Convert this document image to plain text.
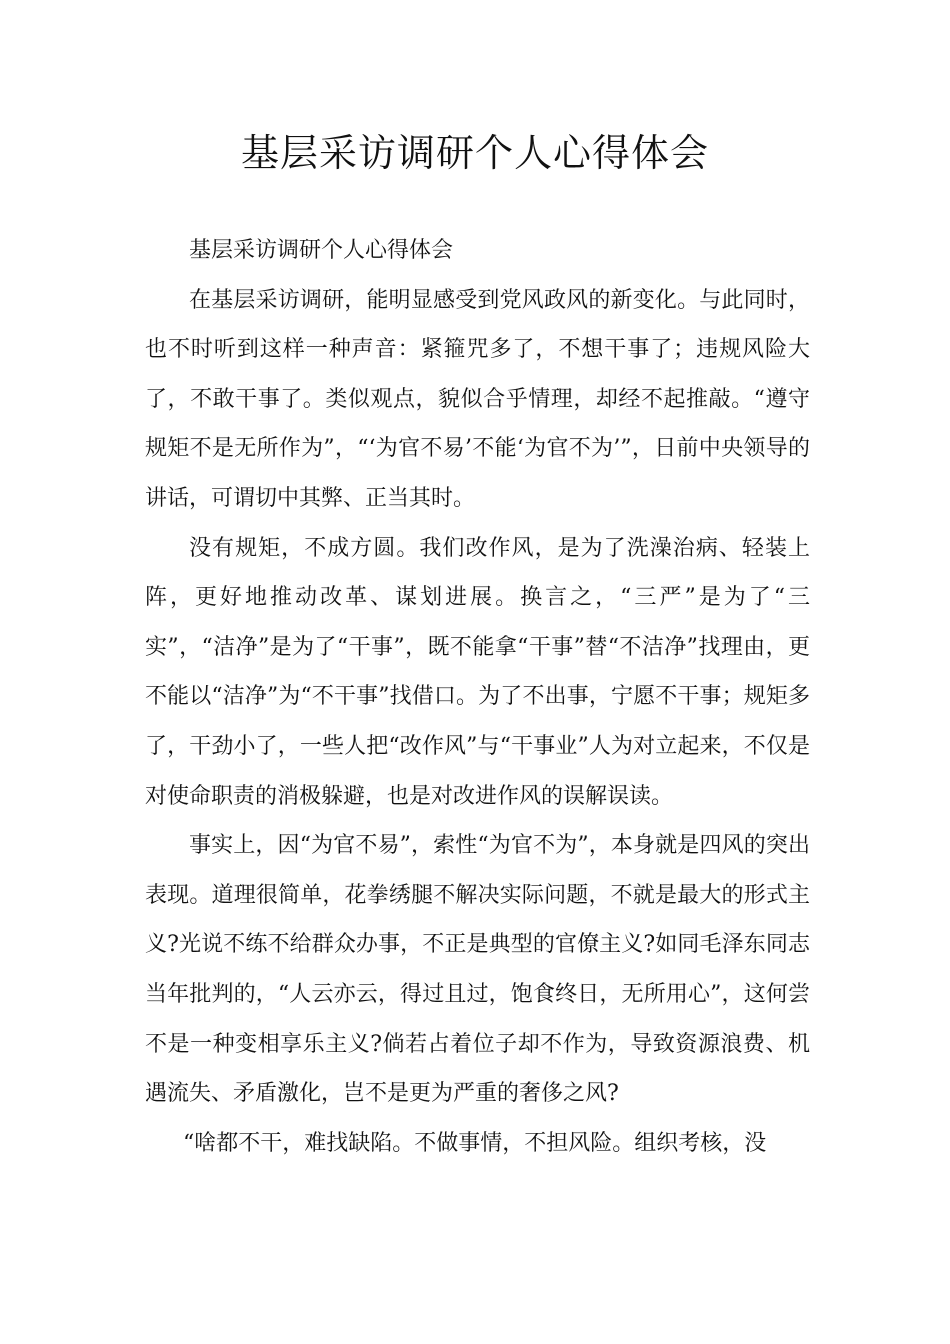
基层采访调研个人心得体会

基层采访调研个人心得体会

在基层采访调研，能明显感受到党风政风的新变化。与此同时，也不时听到这样一种声音：紧箍咒多了，不想干事了；违规风险大了，不敢干事了。类似观点，貌似合乎情理，却经不起推敲。“遵守规矩不是无所作为”，“‘为官不易’不能‘为官不为’”，日前中央领导的讲话，可谓切中其弊、正当其时。

没有规矩，不成方圆。我们改作风，是为了洗澡治病、轻装上阵，更好地推动改革、谋划进展。换言之，“三严”是为了“三实”，“洁净”是为了“干事”，既不能拿“干事”替“不洁净”找理由，更不能以“洁净”为“不干事”找借口。为了不出事，宁愿不干事；规矩多了，干劲小了，一些人把“改作风”与“干事业”人为对立起来，不仅是对使命职责的消极躲避，也是对改进作风的误解误读。

事实上，因“为官不易”，索性“为官不为”，本身就是四风的突出表现。道理很简单，花拳绣腿不解决实际问题，不就是最大的形式主义?光说不练不给群众办事，不正是典型的官僚主义?如同毛泽东同志当年批判的，“人云亦云，得过且过，饱食终日，无所用心”，这何尝不是一种变相享乐主义?倘若占着位子却不作为，导致资源浪费、机遇流失、矛盾激化，岂不是更为严重的奢侈之风?

“啥都不干，难找缺陷。不做事情，不担风险。组织考核，没
